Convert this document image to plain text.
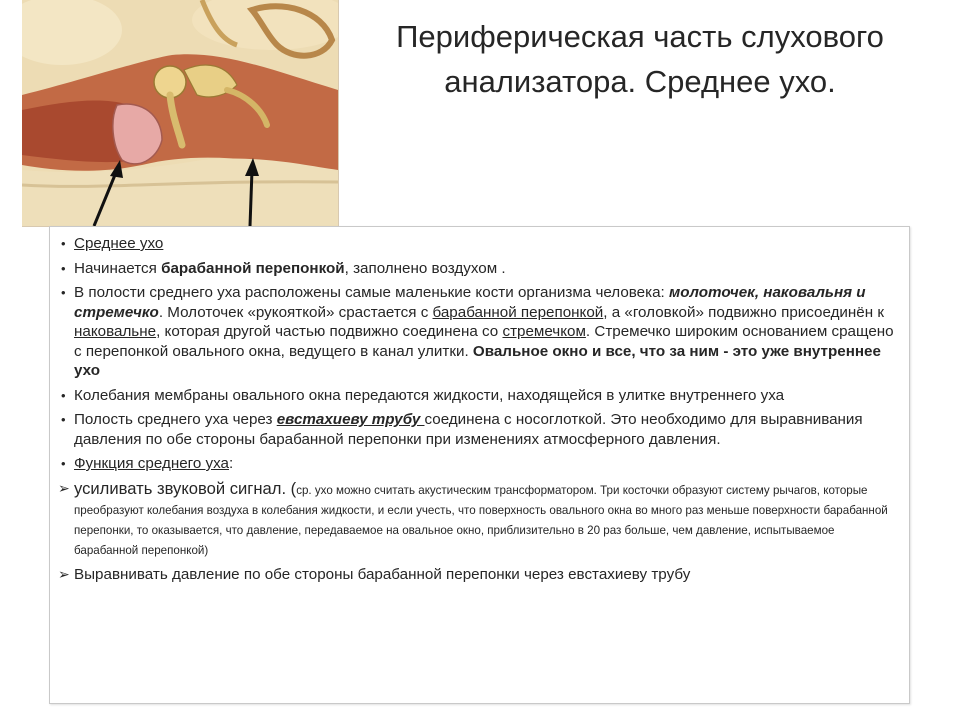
Периферическая часть слухового
анализатора. Среднее ухо.
• Среднее ухо
• Начинается барабанной перепонкой, заполнено воздухом .
• В полости среднего уха расположены самые маленькие кости организма человека: молоточек, наковальня и стремечко. Молоточек «рукояткой» срастается с барабанной перепонкой, а «головкой» подвижно присоединён к наковальне, которая другой частью подвижно соединена со стремечком. Стремечко широким основанием сращено с перепонкой овального окна, ведущего в канал улитки. Овальное окно и все, что за ним - это уже внутреннее ухо
• Колебания мембраны овального окна передаются жидкости, находящейся в улитке внутреннего уха
• Полость среднего уха через евстахиеву трубу соединена с носоглоткой. Это необходимо для выравнивания давления по обе стороны барабанной перепонки при изменениях атмосферного давления.
• Функция среднего уха:
➢ усиливать звуковой сигнал. (ср. ухо можно считать акустическим трансформатором. Три косточки образуют систему рычагов, которые преобразуют колебания воздуха в колебания жидкости, и если учесть, что поверхность овального окна во много раз меньше поверхности барабанной перепонки, то оказывается, что давление, передаваемое на овальное окно, приблизительно в 20 раз больше, чем давление, испытываемое барабанной перепонкой)
➢ Выравнивать давление по обе стороны барабанной перепонки через евстахиеву трубу
